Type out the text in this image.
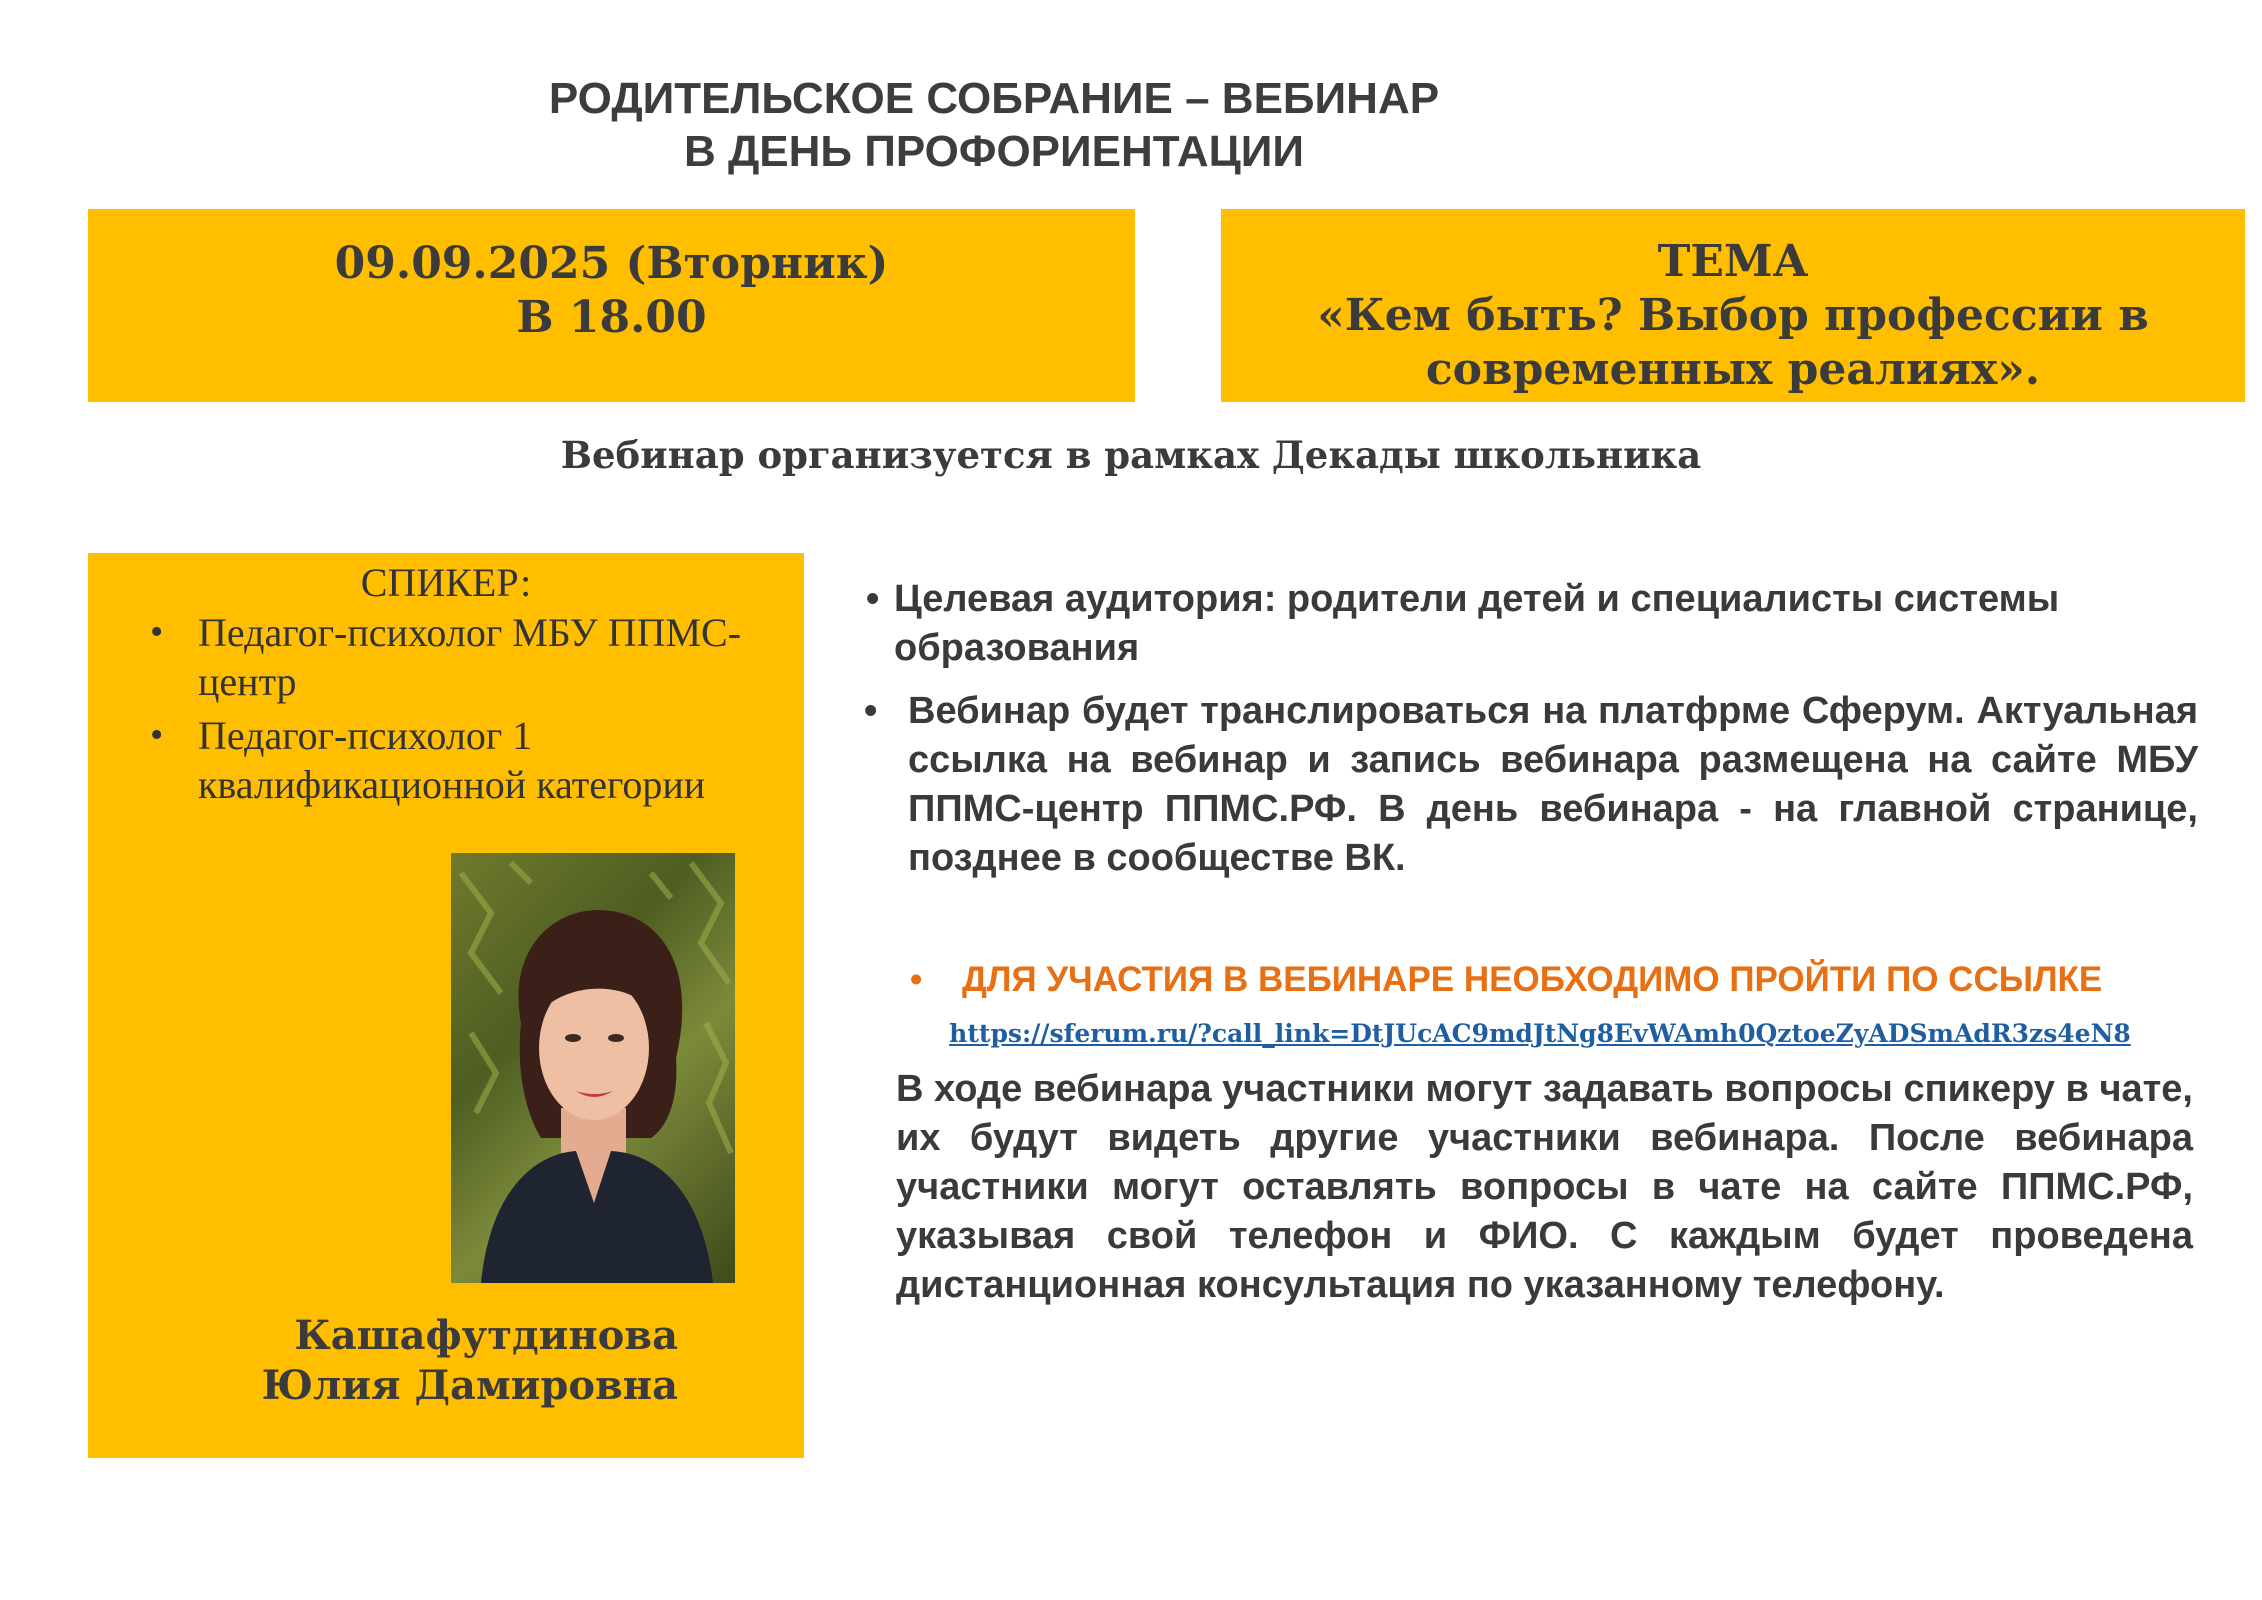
РОДИТЕЛЬСКОЕ СОБРАНИЕ – ВЕБИНАР
В ДЕНЬ ПРОФОРИЕНТАЦИИ
09.09.2025 (Вторник)
В 18.00
ТЕМА
«Кем быть? Выбор профессии в
современных реалиях».
Вебинар организуется в рамках Декады школьника
СПИКЕР:
• Педагог-психолог МБУ ППМС-центр
• Педагог-психолог 1 квалификационной категории
Кашафутдинова
Юлия Дамировна
• Целевая аудитория: родители детей и специалисты системы образования
• Вебинар будет транслироваться на платфрме Сферум. Актуальная ссылка на вебинар и запись вебинара размещена на сайте МБУ ППМС-центр ППМС.РФ. В день вебинара - на главной странице, позднее в сообществе ВК.
• ДЛЯ УЧАСТИЯ В ВЕБИНАРЕ НЕОБХОДИМО ПРОЙТИ ПО ССЫЛКЕ
https://sferum.ru/?call_link=DtJUcAC9mdJtNg8EvWAmh0QztoeZyADSmAdR3zs4eN8
В ходе вебинара участники могут задавать вопросы спикеру в чате, их будут видеть другие участники вебинара. После вебинара участники могут оставлять вопросы в чате на сайте ППМС.РФ, указывая свой телефон и ФИО. С каждым будет проведена дистанционная консультация по указанному телефону.
